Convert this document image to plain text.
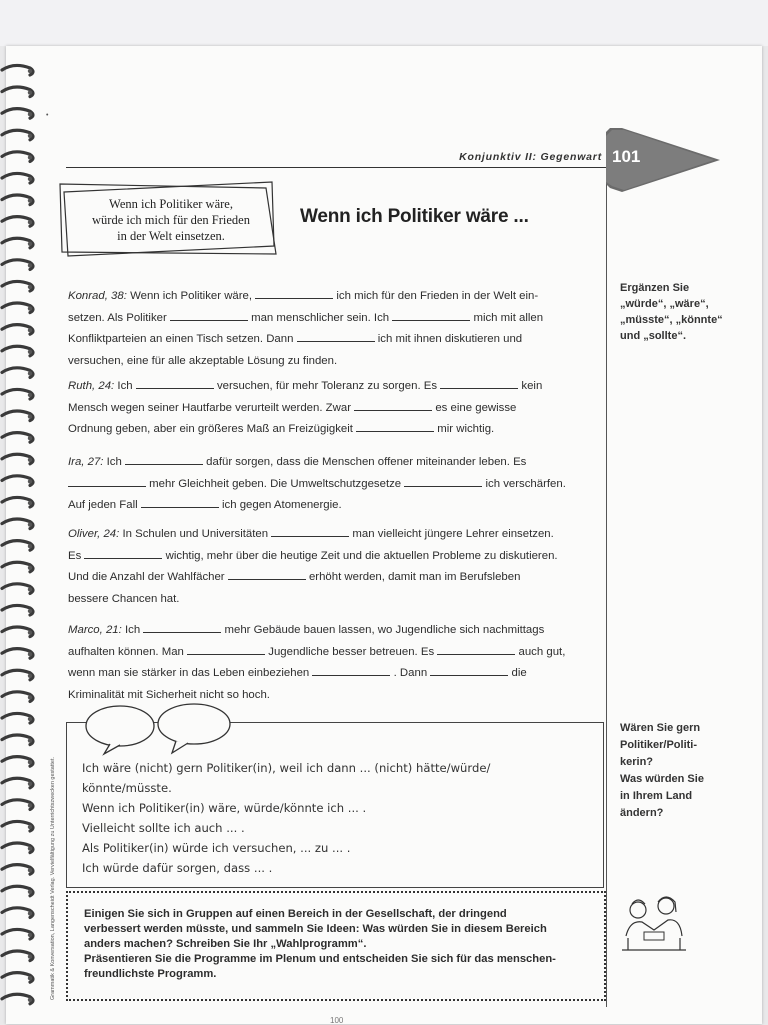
•
Konjunktiv II: Gegenwart 101
Wenn ich Politiker wäre,
würde ich mich für den Frieden
in der Welt einsetzen.
Wenn ich Politiker wäre ...
Konrad, 38: Wenn ich Politiker wäre,	ich mich für den Frieden in der Welt ein-
setzen. Als Politiker	man menschlicher sein. Ich	mich mit allen
Konfliktparteien an einen Tisch setzen. Dann	ich mit ihnen diskutieren und
versuchen, eine für alle akzeptable Lösung zu finden.
Ruth, 24: Ich	versuchen, für mehr Toleranz zu sorgen. Es	kein
Mensch wegen seiner Hautfarbe verurteilt werden. Zwar	es eine gewisse
Ordnung geben, aber ein größeres Maß an Freizügigkeit	mir wichtig.
Ira, 27: Ich	dafür sorgen, dass die Menschen offener miteinander leben. Es
mehr Gleichheit geben. Die Umweltschutzgesetze	ich verschärfen.
Auf jeden Fall	ich gegen Atomenergie.
Oliver, 24: In Schulen und Universitäten	man vielleicht jüngere Lehrer einsetzen.
Es	wichtig, mehr über die heutige Zeit und die aktuellen Probleme zu diskutieren.
Und die Anzahl der Wahlfächer	erhöht werden, damit man im Berufsleben
bessere Chancen hat.
Marco, 21: Ich	mehr Gebäude bauen lassen, wo Jugendliche sich nachmittags
aufhalten können. Man	Jugendliche besser betreuen. Es	auch gut,
wenn man sie stärker in das Leben einbeziehen	. Dann	die
Kriminalität mit Sicherheit nicht so hoch.
Ergänzen Sie
„würde“, „wäre“,
„müsste“, „könnte“
und „sollte“.
Wären Sie gern
Politiker/Politi-
kerin?
Was würden Sie
in Ihrem Land
ändern?
Ich wäre (nicht) gern Politiker(in), weil ich dann ... (nicht) hätte/würde/
könnte/müsste.
Wenn ich Politiker(in) wäre, würde/könnte ich ... .
Vielleicht sollte ich auch ... .
Als Politiker(in) würde ich versuchen, ... zu ... .
Ich würde dafür sorgen, dass ... .
Einigen Sie sich in Gruppen auf einen Bereich in der Gesellschaft, der dringend
verbessert werden müsste, und sammeln Sie Ideen: Was würden Sie in diesem Bereich
anders machen? Schreiben Sie Ihr „Wahlprogramm“.
Präsentieren Sie die Programme im Plenum und entscheiden Sie sich für das menschen-
freundlichste Programm.
Grammatik & Konversation, Langenscheidt Verlag. Vervielfältigung zu Unterrichtszwecken gestattet.
100
